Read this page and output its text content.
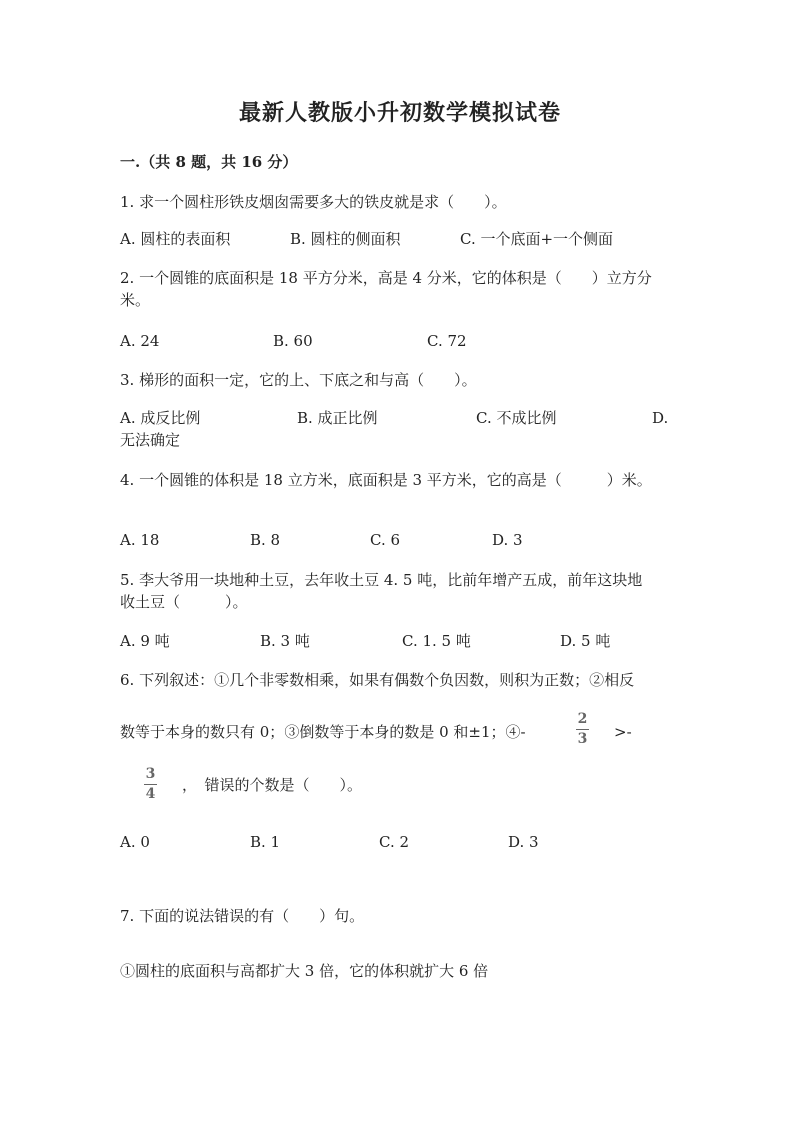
最新人教版小升初数学模拟试卷
一.（共 8 题，共 16 分）
1. 求一个圆柱形铁皮烟囱需要多大的铁皮就是求（　　）。
A. 圆柱的表面积	B. 圆柱的侧面积	C. 一个底面+一个侧面
2. 一个圆锥的底面积是 18 平方分米，高是 4 分米，它的体积是（　　）立方分
米。
A. 24	B. 60	C. 72
3. 梯形的面积一定，它的上、下底之和与高（　　）。
A. 成反比例	B. 成正比例	C. 不成比例	D.
无法确定
4. 一个圆锥的体积是 18 立方米，底面积是 3 平方米，它的高是（　　　）米。
A. 18	B. 8	C. 6	D. 3
5. 李大爷用一块地种土豆，去年收土豆 4. 5 吨，比前年增产五成，前年这块地
收土豆（　　　）。
A. 9 吨	B. 3 吨	C. 1. 5 吨	D. 5 吨
6. 下列叙述：①几个非零数相乘，如果有偶数个负因数，则积为正数；②相反
数等于本身的数只有 0；③倒数等于本身的数是 0 和±1；④-
2
3 >-
3
4 ，　错误的个数是（　　）。
A. 0	B. 1	C. 2	D. 3
7. 下面的说法错误的有（　　）句。
①圆柱的底面积与高都扩大 3 倍，它的体积就扩大 6 倍
